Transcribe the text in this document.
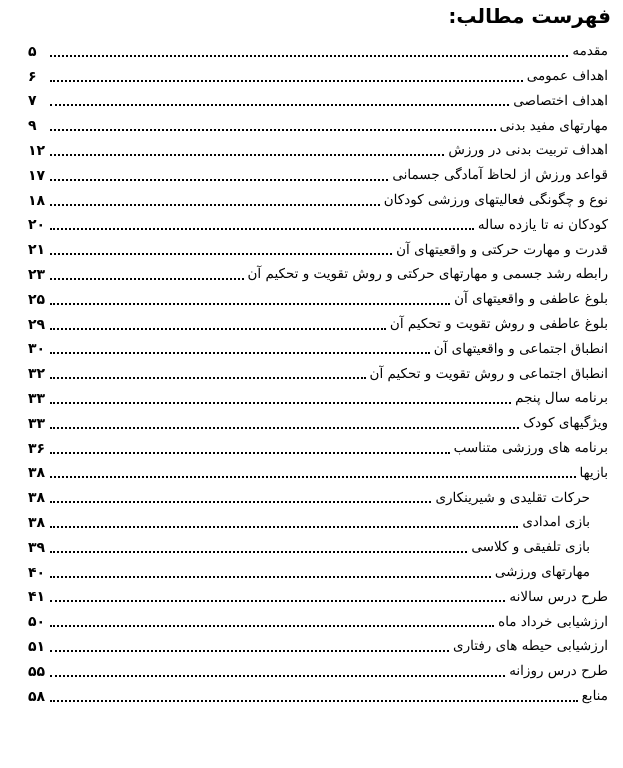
فهرست مطالب:
مقدمه
۵
اهداف عمومی
۶
اهداف اختصاصی
۷
مهارتهای مفید بدنی
۹
اهداف تربیت بدنی در ورزش
۱۲
قواعد ورزش از لحاظ آمادگی جسمانی
۱۷
نوع و چگونگی فعالیتهای ورزشی کودکان
۱۸
کودکان نه تا یازده ساله
۲۰
قدرت و مهارت حرکتی و واقعیتهای آن
۲۱
رابطه رشد جسمی و مهارتهای حرکتی و روش تقویت و تحکیم آن
۲۳
بلوغ عاطفی و واقعیتهای آن
۲۵
بلوغ عاطفی و روش تقویت و تحکیم آن
۲۹
انطباق اجتماعی و واقعیتهای آن
۳۰
انطباق اجتماعی و روش تقویت و تحکیم آن
۳۲
برنامه سال پنجم
۳۳
ویژگیهای کودک
۳۳
برنامه های ورزشی متناسب
۳۶
بازیها
۳۸
حرکات تقلیدی و شیرینکاری
۳۸
بازی امدادی
۳۸
بازی تلفیقی و کلاسی
۳۹
مهارتهای ورزشی
۴۰
طرح درس سالانه
۴۱
ارزشیابی خرداد ماه
۵۰
ارزشیابی حیطه های رفتاری
۵۱
طرح درس روزانه
۵۵
منابع
۵۸
